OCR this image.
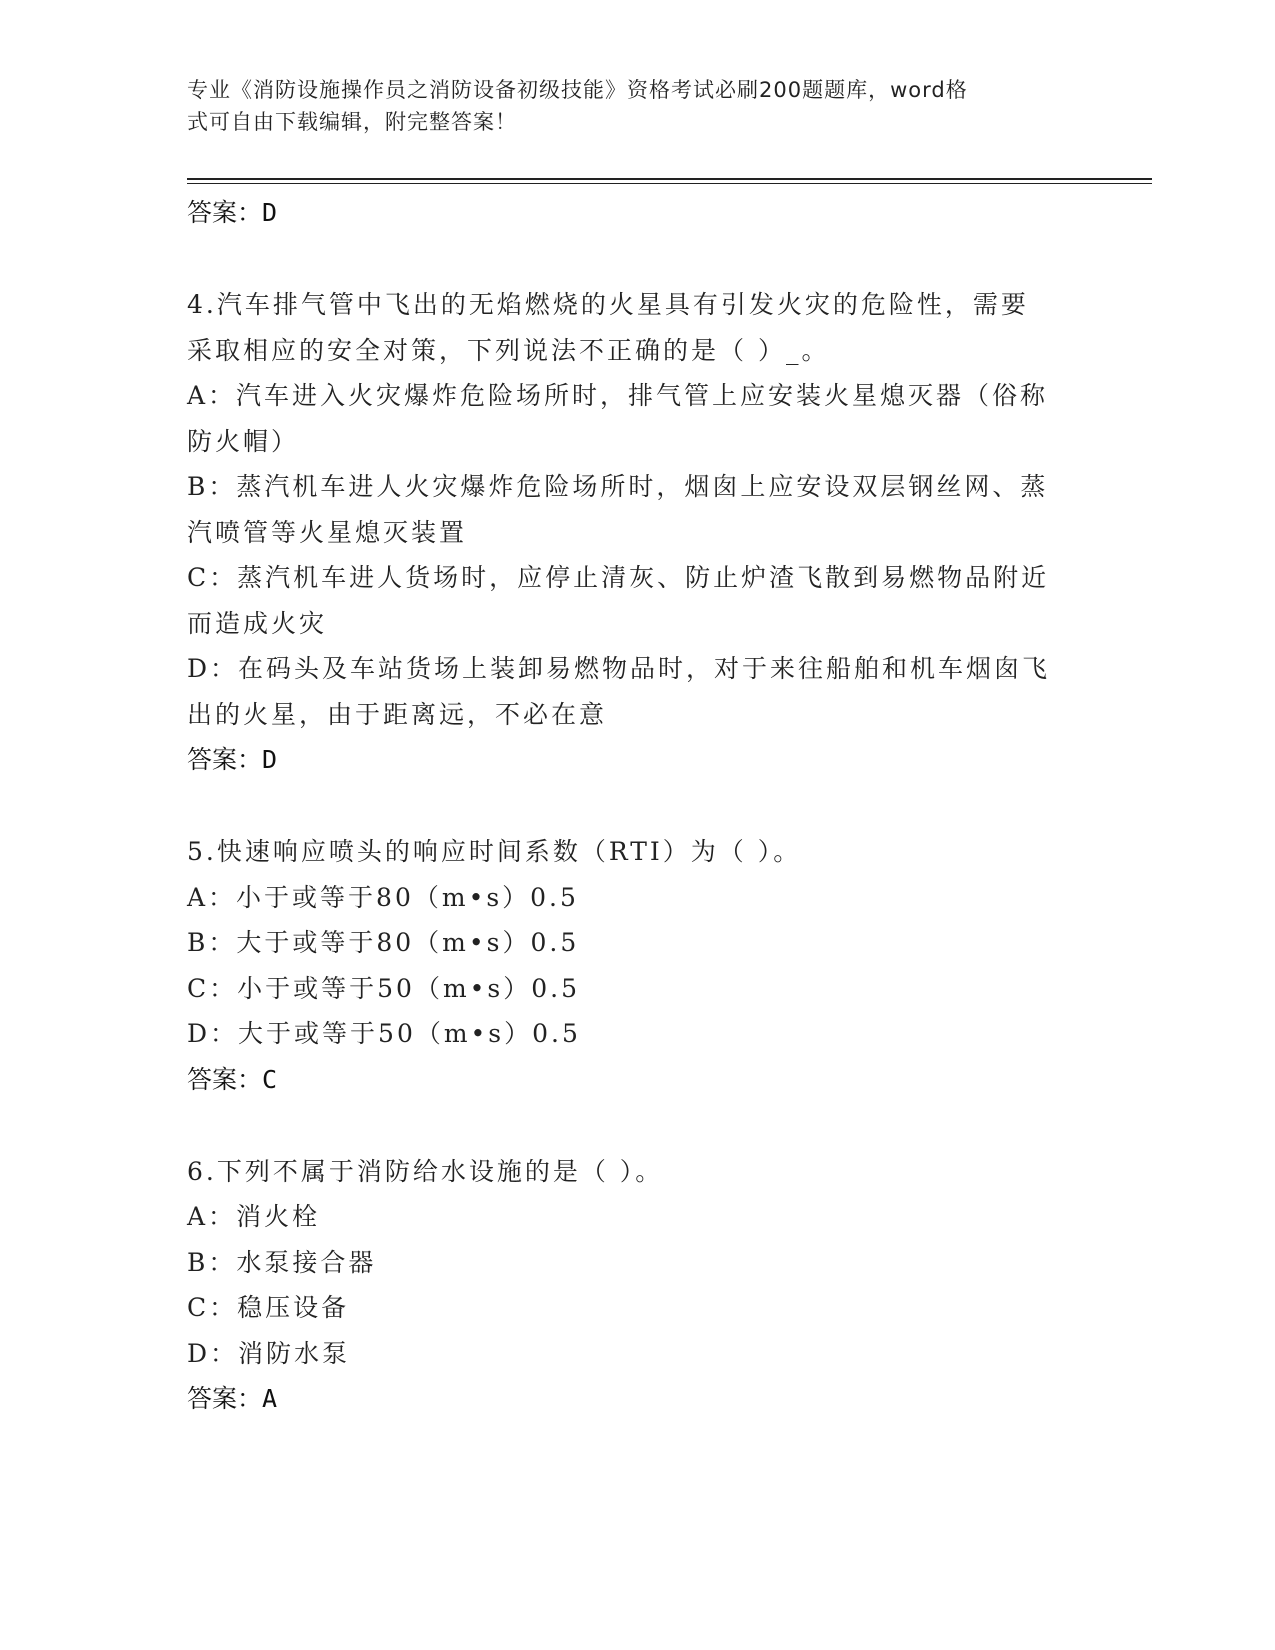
专业《消防设施操作员之消防设备初级技能》资格考试必刷200题题库，word格
式可自由下载编辑，附完整答案！
答案：D
4.汽车排气管中飞出的无焰燃烧的火星具有引发火灾的危险性，需要
采取相应的安全对策，下列说法不正确的是（ ）_。
A：汽车进入火灾爆炸危险场所时，排气管上应安装火星熄灭器（俗称
防火帽）
B：蒸汽机车进人火灾爆炸危险场所时，烟囱上应安设双层钢丝网、蒸
汽喷管等火星熄灭装置
C：蒸汽机车进人货场时，应停止清灰、防止炉渣飞散到易燃物品附近
而造成火灾
D：在码头及车站货场上装卸易燃物品时，对于来往船舶和机车烟囱飞
出的火星，由于距离远，不必在意
答案：D
5.快速响应喷头的响应时间系数（RTI）为（ ）。
A：小于或等于80（m•s）0.5
B：大于或等于80（m•s）0.5
C：小于或等于50（m•s）0.5
D：大于或等于50（m•s）0.5
答案：C
6.下列不属于消防给水设施的是（ ）。
A：消火栓
B：水泵接合器
C：稳压设备
D：消防水泵
答案：A
